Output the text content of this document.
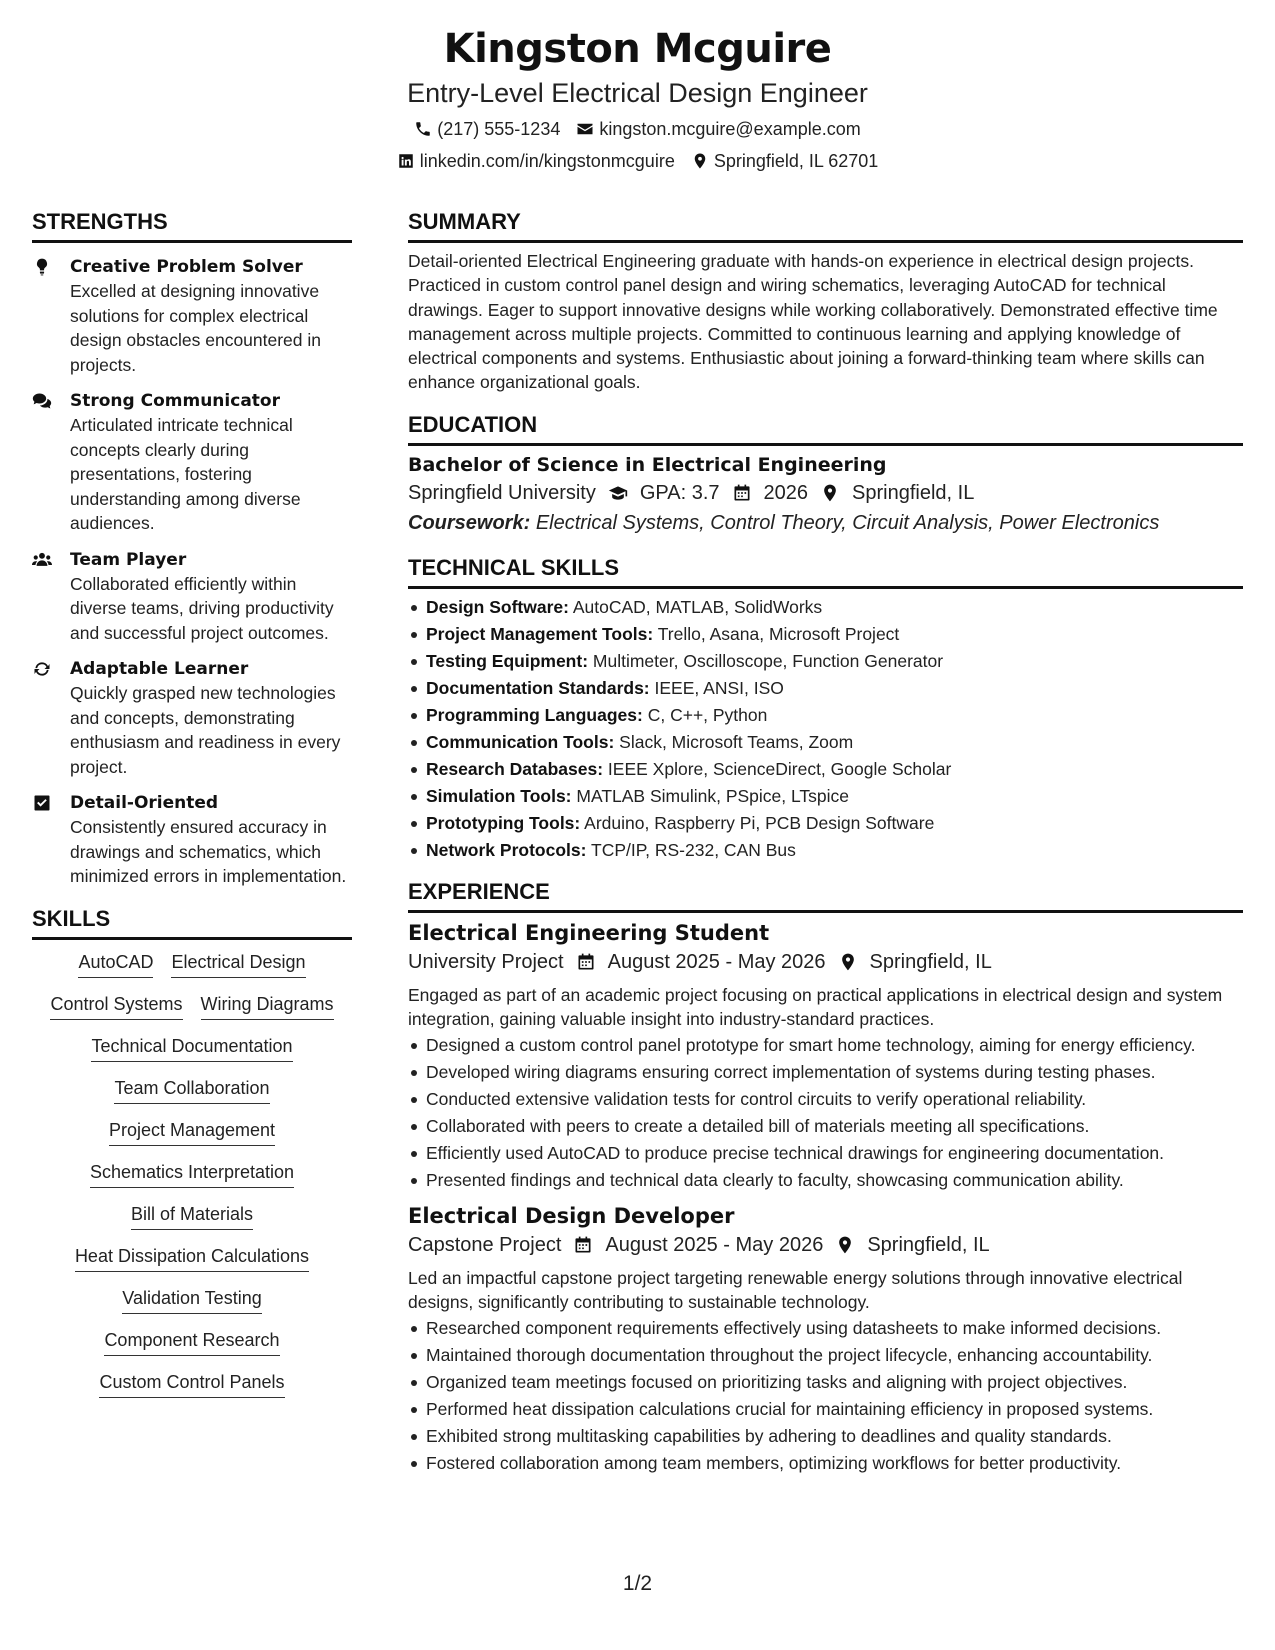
Kingston Mcguire
Entry-Level Electrical Design Engineer
(217) 555-1234 kingston.mcguire@example.com
linkedin.com/in/kingstonmcguire Springfield, IL 62701
STRENGTHS
Creative Problem Solver
Excelled at designing innovative solutions for complex electrical design obstacles encountered in projects.
Strong Communicator
Articulated intricate technical concepts clearly during presentations, fostering understanding among diverse audiences.
Team Player
Collaborated efficiently within diverse teams, driving productivity and successful project outcomes.
Adaptable Learner
Quickly grasped new technologies and concepts, demonstrating enthusiasm and readiness in every project.
Detail-Oriented
Consistently ensured accuracy in drawings and schematics, which minimized errors in implementation.
SKILLS
AutoCAD Electrical Design
Control Systems Wiring Diagrams
Technical Documentation
Team Collaboration
Project Management
Schematics Interpretation
Bill of Materials
Heat Dissipation Calculations
Validation Testing
Component Research
Custom Control Panels
SUMMARY
Detail-oriented Electrical Engineering graduate with hands-on experience in electrical design projects. Practiced in custom control panel design and wiring schematics, leveraging AutoCAD for technical drawings. Eager to support innovative designs while working collaboratively. Demonstrated effective time management across multiple projects. Committed to continuous learning and applying knowledge of electrical components and systems. Enthusiastic about joining a forward-thinking team where skills can enhance organizational goals.
EDUCATION
Bachelor of Science in Electrical Engineering
Springfield University GPA: 3.7 2026 Springfield, IL
Coursework: Electrical Systems, Control Theory, Circuit Analysis, Power Electronics
TECHNICAL SKILLS
Design Software: AutoCAD, MATLAB, SolidWorks
Project Management Tools: Trello, Asana, Microsoft Project
Testing Equipment: Multimeter, Oscilloscope, Function Generator
Documentation Standards: IEEE, ANSI, ISO
Programming Languages: C, C++, Python
Communication Tools: Slack, Microsoft Teams, Zoom
Research Databases: IEEE Xplore, ScienceDirect, Google Scholar
Simulation Tools: MATLAB Simulink, PSpice, LTspice
Prototyping Tools: Arduino, Raspberry Pi, PCB Design Software
Network Protocols: TCP/IP, RS-232, CAN Bus
EXPERIENCE
Electrical Engineering Student
University Project August 2025 - May 2026 Springfield, IL
Engaged as part of an academic project focusing on practical applications in electrical design and system integration, gaining valuable insight into industry-standard practices.
Designed a custom control panel prototype for smart home technology, aiming for energy efficiency.
Developed wiring diagrams ensuring correct implementation of systems during testing phases.
Conducted extensive validation tests for control circuits to verify operational reliability.
Collaborated with peers to create a detailed bill of materials meeting all specifications.
Efficiently used AutoCAD to produce precise technical drawings for engineering documentation.
Presented findings and technical data clearly to faculty, showcasing communication ability.
Electrical Design Developer
Capstone Project August 2025 - May 2026 Springfield, IL
Led an impactful capstone project targeting renewable energy solutions through innovative electrical designs, significantly contributing to sustainable technology.
Researched component requirements effectively using datasheets to make informed decisions.
Maintained thorough documentation throughout the project lifecycle, enhancing accountability.
Organized team meetings focused on prioritizing tasks and aligning with project objectives.
Performed heat dissipation calculations crucial for maintaining efficiency in proposed systems.
Exhibited strong multitasking capabilities by adhering to deadlines and quality standards.
Fostered collaboration among team members, optimizing workflows for better productivity.
1/2
